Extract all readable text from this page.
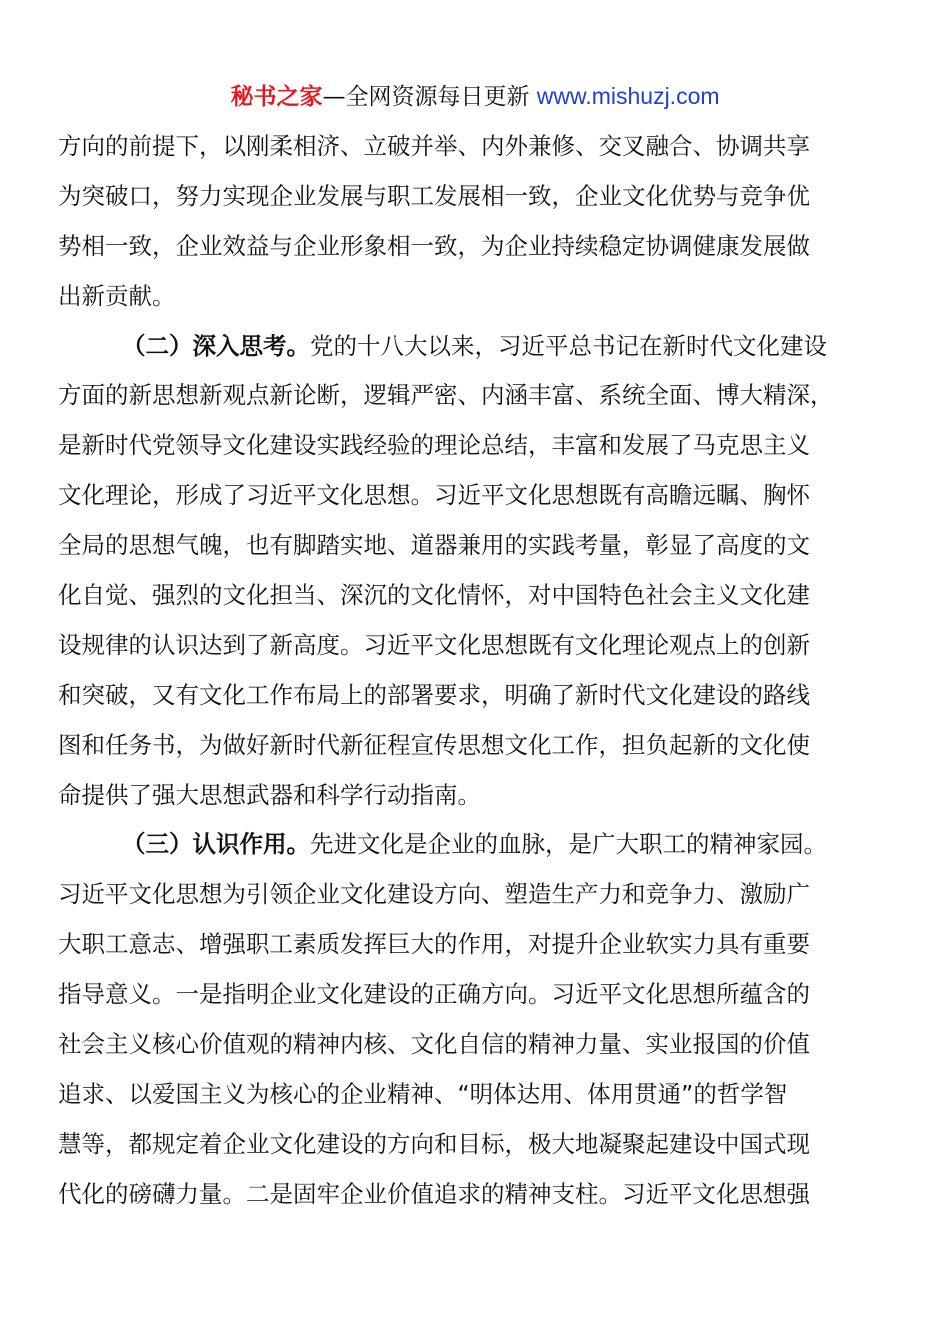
秘书之家—全网资源每日更新 www.mishuzj.com
方向的前提下，以刚柔相济、立破并举、内外兼修、交叉融合、协调共享
为突破口，努力实现企业发展与职工发展相一致，企业文化优势与竞争优
势相一致，企业效益与企业形象相一致，为企业持续稳定协调健康发展做
出新贡献。
（二）深入思考。党的十八大以来，习近平总书记在新时代文化建设
方面的新思想新观点新论断，逻辑严密、内涵丰富、系统全面、博大精深，
是新时代党领导文化建设实践经验的理论总结，丰富和发展了马克思主义
文化理论，形成了习近平文化思想。习近平文化思想既有高瞻远瞩、胸怀
全局的思想气魄，也有脚踏实地、道器兼用的实践考量，彰显了高度的文
化自觉、强烈的文化担当、深沉的文化情怀，对中国特色社会主义文化建
设规律的认识达到了新高度。习近平文化思想既有文化理论观点上的创新
和突破，又有文化工作布局上的部署要求，明确了新时代文化建设的路线
图和任务书，为做好新时代新征程宣传思想文化工作，担负起新的文化使
命提供了强大思想武器和科学行动指南。
（三）认识作用。先进文化是企业的血脉，是广大职工的精神家园。
习近平文化思想为引领企业文化建设方向、塑造生产力和竞争力、激励广
大职工意志、增强职工素质发挥巨大的作用，对提升企业软实力具有重要
指导意义。一是指明企业文化建设的正确方向。习近平文化思想所蕴含的
社会主义核心价值观的精神内核、文化自信的精神力量、实业报国的价值
追求、以爱国主义为核心的企业精神、“明体达用、体用贯通”的哲学智
慧等，都规定着企业文化建设的方向和目标，极大地凝聚起建设中国式现
代化的磅礴力量。二是固牢企业价值追求的精神支柱。习近平文化思想强
